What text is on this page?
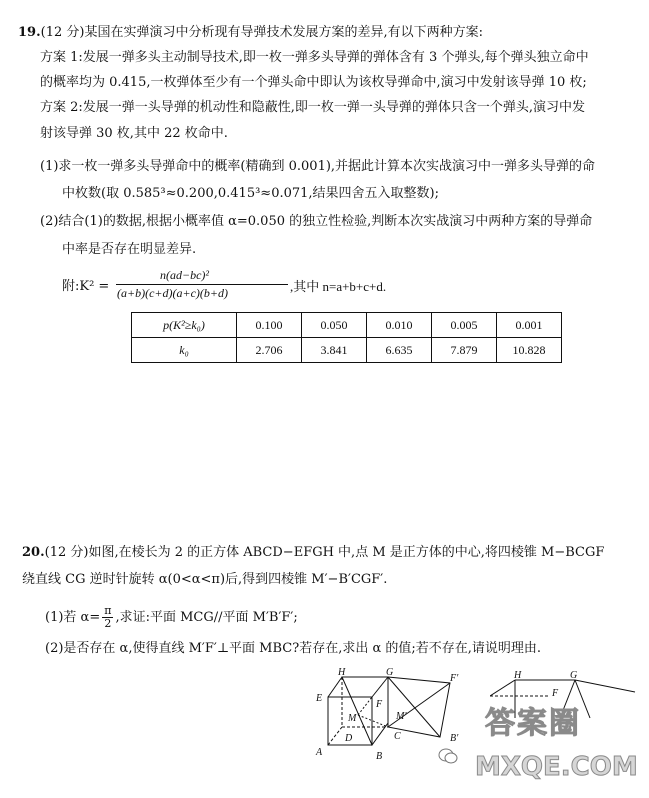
19.(12 分)某国在实弹演习中分析现有导弹技术发展方案的差异,有以下两种方案:
方案 1:发展一弹多头主动制导技术,即一枚一弹多头导弹的弹体含有 3 个弹头,每个弹头独立命中
的概率均为 0.415,一枚弹体至少有一个弹头命中即认为该枚导弹命中,演习中发射该导弹 10 枚;
方案 2:发展一弹一头导弹的机动性和隐蔽性,即一枚一弹一头导弹的弹体只含一个弹头,演习中发
射该导弹 30 枚,其中 22 枚命中.
(1)求一枚一弹多头导弹命中的概率(精确到 0.001),并据此计算本次实战演习中一弹多头导弹的命
中枚数(取 0.585³≈0.200,0.415³≈0.071,结果四舍五入取整数);
(2)结合(1)的数据,根据小概率值 α=0.050 的独立性检验,判断本次实战演习中两种方案的导弹命
中率是否存在明显差异.
附:K² =
n(ad−bc)²
(a+b)(c+d)(a+c)(b+d)	,其中 n=a+b+c+d.
p(K²≥k₀)	0.100	0.050	0.010	0.005	0.001
k₀	2.706	3.841	6.635	7.879	10.828
20.(12 分)如图,在棱长为 2 的正方体 ABCD−EFGH 中,点 M 是正方体的中心,将四棱锥 M−BCGF
绕直线 CG 逆时针旋转 α(0<α<π)后,得到四棱锥 M′−B′CGF′.
(1)若 $\alpha= \frac{\pi}{2}$ ,求证:平面 MCG//平面 M′B′F′;
(2)是否存在 α,使得直线 M′F′⊥平面 MBC?若存在,求出 α 的值;若不存在,请说明理由.
H	G
F′
E
F
M	M′
D	C	B′
A	B
H	G
F
答案圈
MXQE.COM
